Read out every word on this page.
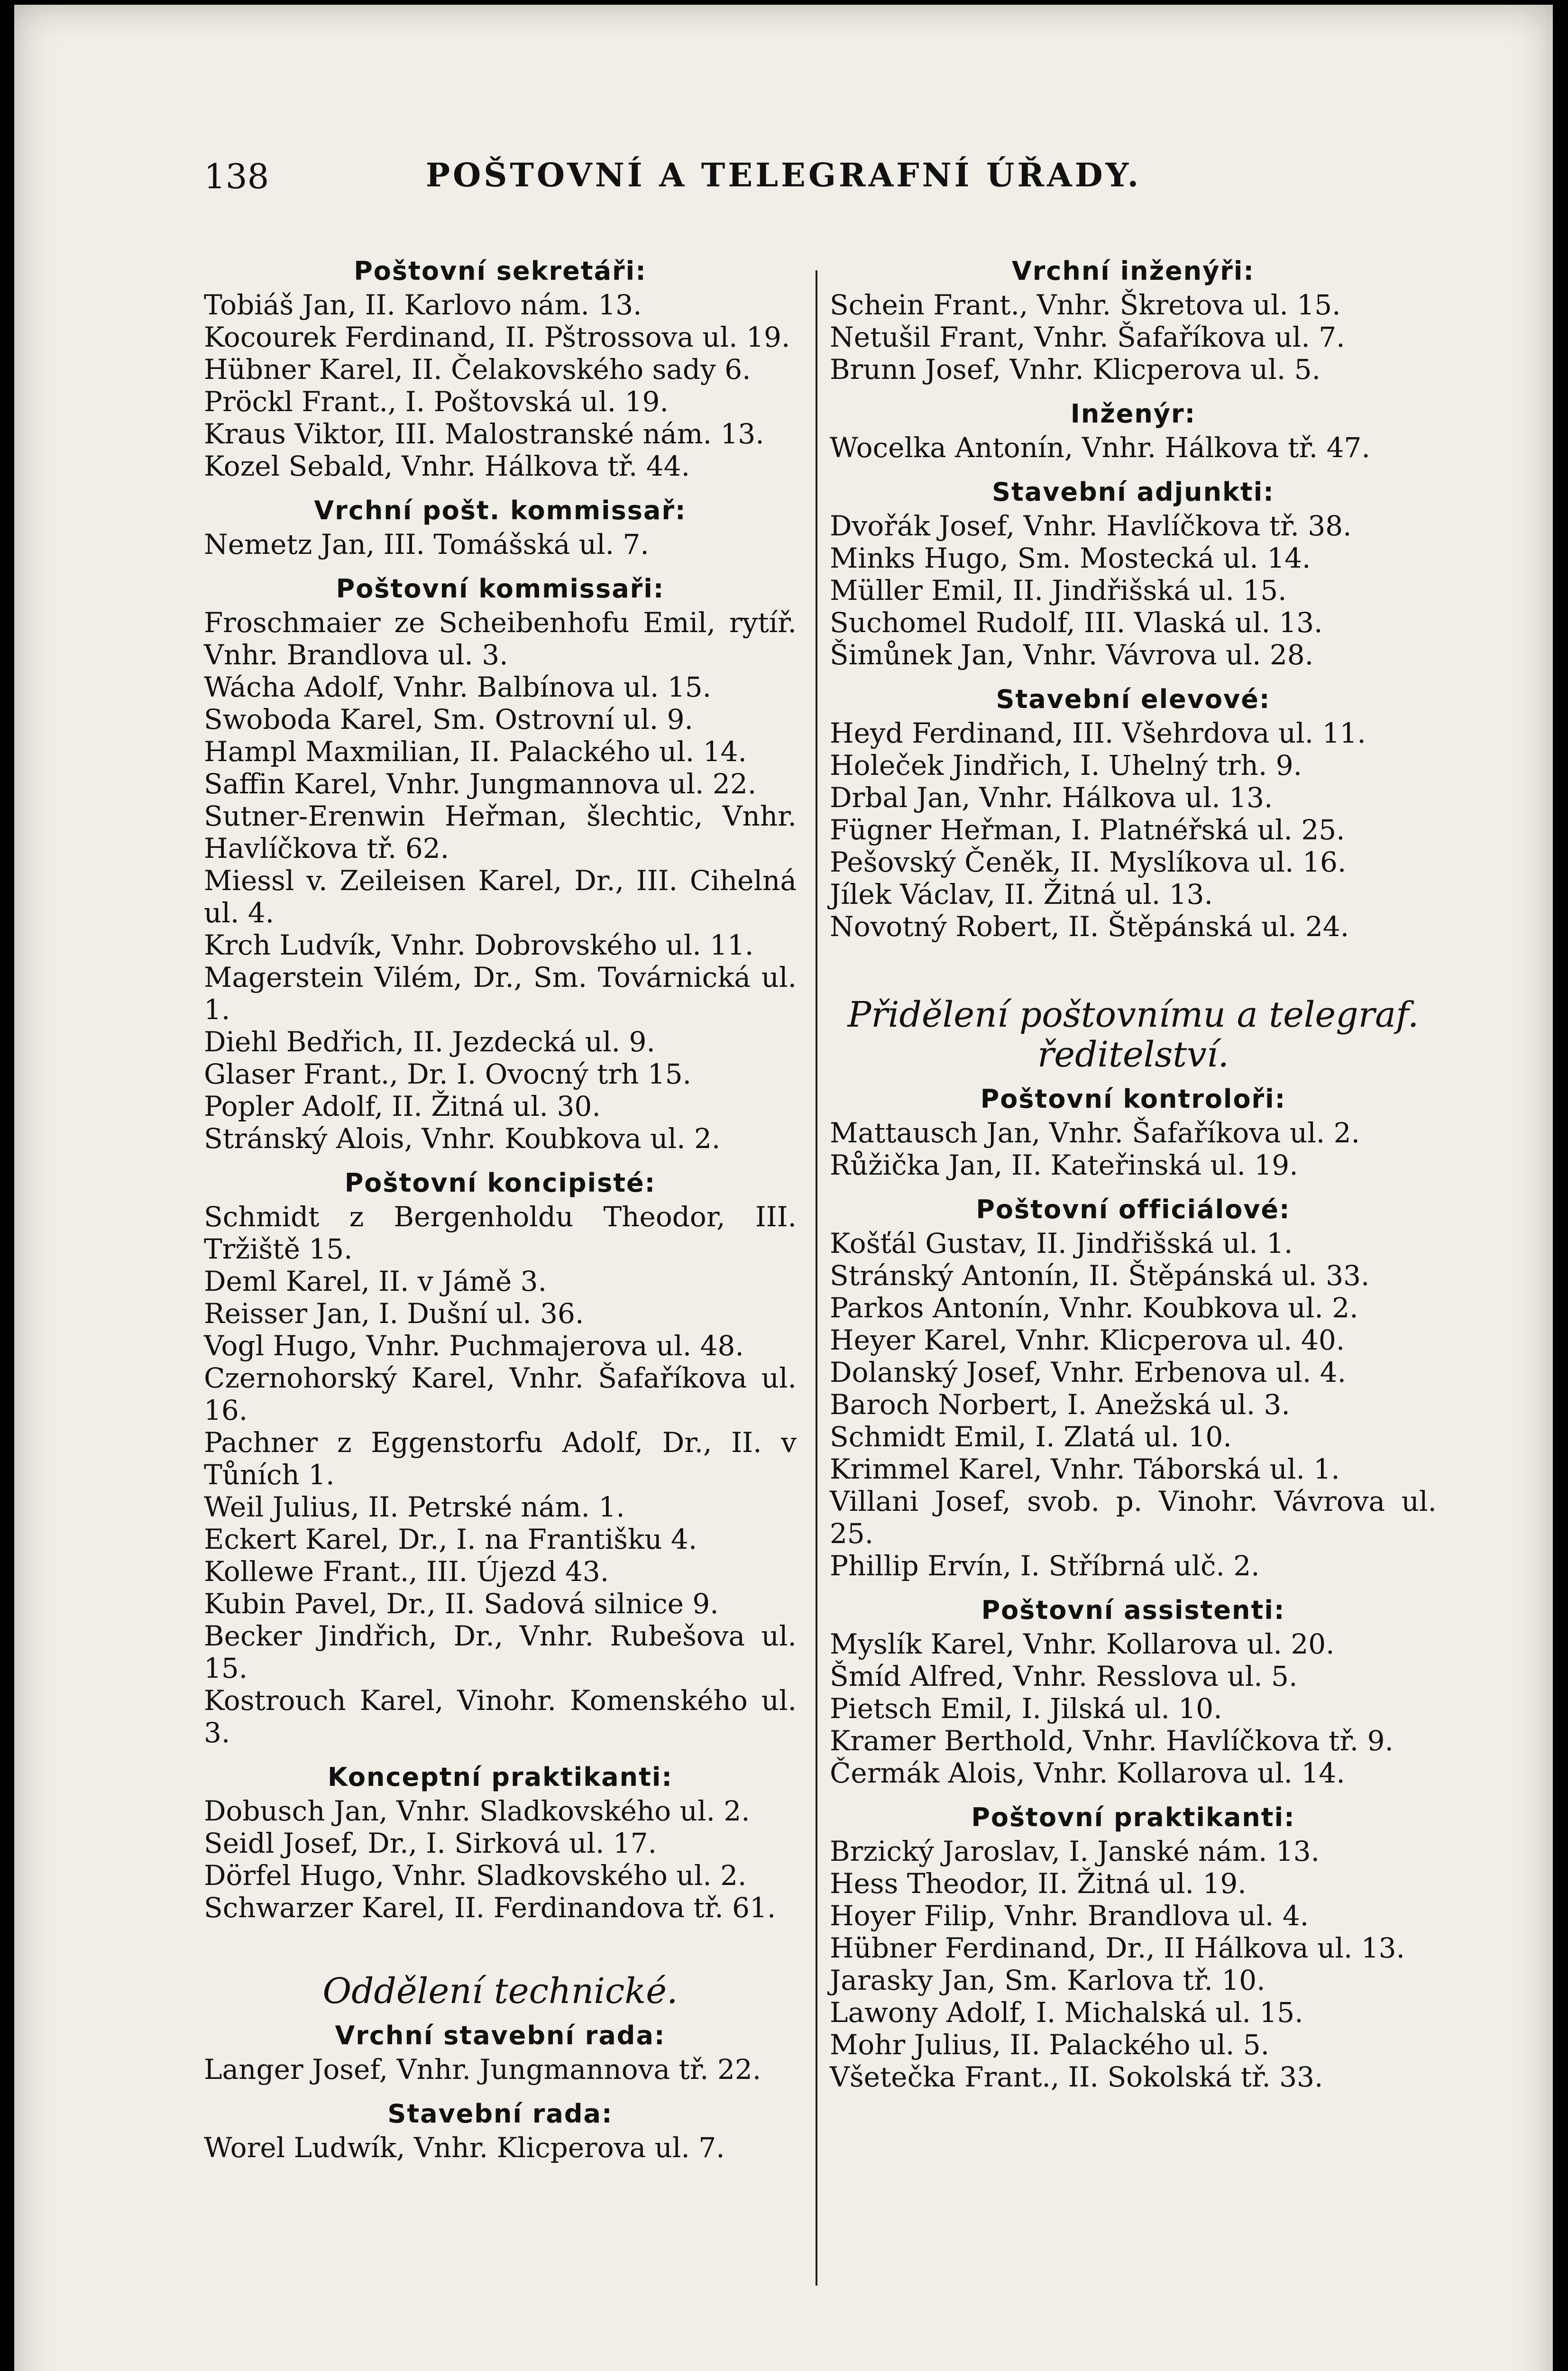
138	POŠTOVNÍ A TELEGRAFNÍ ÚŘADY.
Poštovní sekretáři:
Tobiáš Jan, II. Karlovo nám. 13.
Kocourek Ferdinand, II. Pštrossova ul. 19.
Hübner Karel, II. Čelakovského sady 6.
Pröckl Frant., I. Poštovská ul. 19.
Kraus Viktor, III. Malostranské nám. 13.
Kozel Sebald, Vnhr. Hálkova tř. 44.
Vrchní pošt. kommissař:
Nemetz Jan, III. Tomášská ul. 7.
Poštovní kommissaři:
Froschmaier ze Scheibenhofu Emil, rytíř. Vnhr. Brandlova ul. 3.
Wácha Adolf, Vnhr. Balbínova ul. 15.
Swoboda Karel, Sm. Ostrovní ul. 9.
Hampl Maxmilian, II. Palackého ul. 14.
Saffin Karel, Vnhr. Jungmannova ul. 22.
Sutner-Erenwin Heřman, šlechtic, Vnhr. Havlíčkova tř. 62.
Miessl v. Zeileisen Karel, Dr., III. Cihelná ul. 4.
Krch Ludvík, Vnhr. Dobrovského ul. 11.
Magerstein Vilém, Dr., Sm. Továrnická ul. 1.
Diehl Bedřich, II. Jezdecká ul. 9.
Glaser Frant., Dr. I. Ovocný trh 15.
Popler Adolf, II. Žitná ul. 30.
Stránský Alois, Vnhr. Koubkova ul. 2.
Poštovní koncipisté:
Schmidt z Bergenholdu Theodor, III. Tržiště 15.
Deml Karel, II. v Jámě 3.
Reisser Jan, I. Dušní ul. 36.
Vogl Hugo, Vnhr. Puchmajerova ul. 48.
Czernohorský Karel, Vnhr. Šafaříkova ul. 16.
Pachner z Eggenstorfu Adolf, Dr., II. v Tůních 1.
Weil Julius, II. Petrské nám. 1.
Eckert Karel, Dr., I. na Františku 4.
Kollewe Frant., III. Újezd 43.
Kubin Pavel, Dr., II. Sadová silnice 9.
Becker Jindřich, Dr., Vnhr. Rubešova ul. 15.
Kostrouch Karel, Vinohr. Komenského ul. 3.
Konceptní praktikanti:
Dobusch Jan, Vnhr. Sladkovského ul. 2.
Seidl Josef, Dr., I. Sirková ul. 17.
Dörfel Hugo, Vnhr. Sladkovského ul. 2.
Schwarzer Karel, II. Ferdinandova tř. 61.
Oddělení technické.
Vrchní stavební rada:
Langer Josef, Vnhr. Jungmannova tř. 22.
Stavební rada:
Worel Ludwík, Vnhr. Klicperova ul. 7.
Vrchní inženýři:
Schein Frant., Vnhr. Škretova ul. 15.
Netušil Frant, Vnhr. Šafaříkova ul. 7.
Brunn Josef, Vnhr. Klicperova ul. 5.
Inženýr:
Wocelka Antonín, Vnhr. Hálkova tř. 47.
Stavební adjunkti:
Dvořák Josef, Vnhr. Havlíčkova tř. 38.
Minks Hugo, Sm. Mostecká ul. 14.
Müller Emil, II. Jindřišská ul. 15.
Suchomel Rudolf, III. Vlaská ul. 13.
Šimůnek Jan, Vnhr. Vávrova ul. 28.
Stavební elevové:
Heyd Ferdinand, III. Všehrdova ul. 11.
Holeček Jindřich, I. Uhelný trh. 9.
Drbal Jan, Vnhr. Hálkova ul. 13.
Fügner Heřman, I. Platnéřská ul. 25.
Pešovský Čeněk, II. Myslíkova ul. 16.
Jílek Václav, II. Žitná ul. 13.
Novotný Robert, II. Štěpánská ul. 24.
Přidělení poštovnímu a telegraf. ředitelství.
Poštovní kontroloři:
Mattausch Jan, Vnhr. Šafaříkova ul. 2.
Růžička Jan, II. Kateřinská ul. 19.
Poštovní officiálové:
Košťál Gustav, II. Jindřišská ul. 1.
Stránský Antonín, II. Štěpánská ul. 33.
Parkos Antonín, Vnhr. Koubkova ul. 2.
Heyer Karel, Vnhr. Klicperova ul. 40.
Dolanský Josef, Vnhr. Erbenova ul. 4.
Baroch Norbert, I. Anežská ul. 3.
Schmidt Emil, I. Zlatá ul. 10.
Krimmel Karel, Vnhr. Táborská ul. 1.
Villani Josef, svob. p. Vinohr. Vávrova ul. 25.
Phillip Ervín, I. Stříbrná ulč. 2.
Poštovní assistenti:
Myslík Karel, Vnhr. Kollarova ul. 20.
Šmíd Alfred, Vnhr. Resslova ul. 5.
Pietsch Emil, I. Jilská ul. 10.
Kramer Berthold, Vnhr. Havlíčkova tř. 9.
Čermák Alois, Vnhr. Kollarova ul. 14.
Poštovní praktikanti:
Brzický Jaroslav, I. Janské nám. 13.
Hess Theodor, II. Žitná ul. 19.
Hoyer Filip, Vnhr. Brandlova ul. 4.
Hübner Ferdinand, Dr., II Hálkova ul. 13.
Jarasky Jan, Sm. Karlova tř. 10.
Lawony Adolf, I. Michalská ul. 15.
Mohr Julius, II. Palackého ul. 5.
Všetečka Frant., II. Sokolská tř. 33.
